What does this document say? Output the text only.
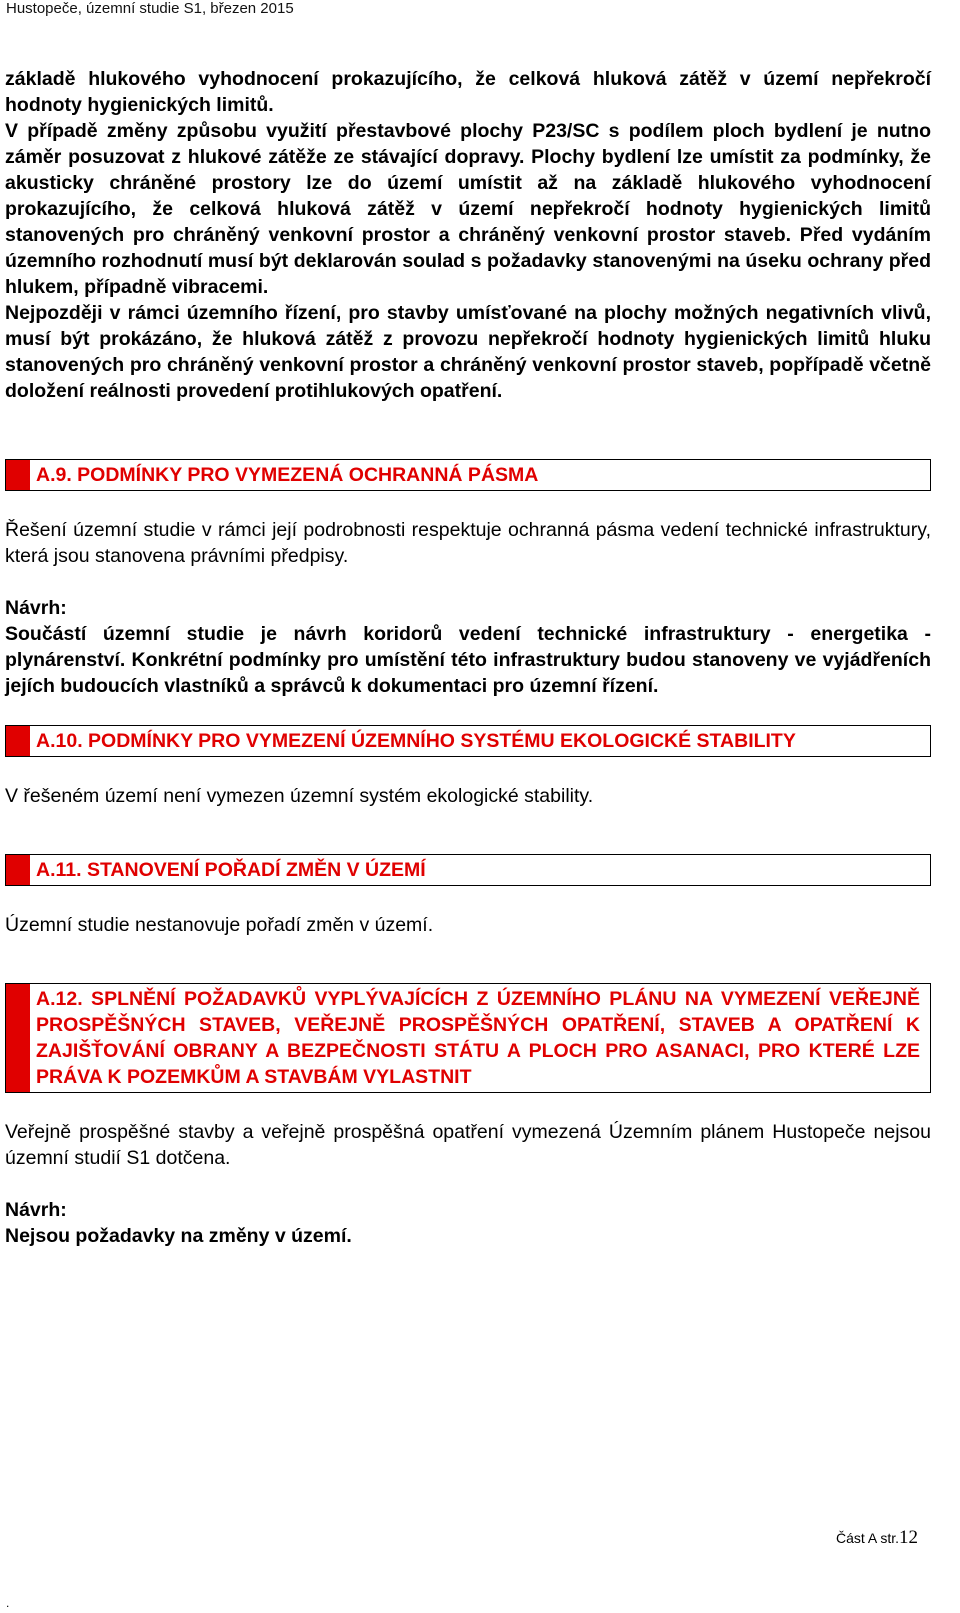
Hustopeče, územní studie S1, březen 2015

základě hlukového vyhodnocení prokazujícího, že celková hluková zátěž v území nepřekročí hodnoty hygienických limitů.

V případě změny způsobu využití přestavbové plochy P23/SC s podílem ploch bydlení je nutno záměr posuzovat z hlukové zátěže ze stávající dopravy. Plochy bydlení lze umístit za podmínky, že akusticky chráněné prostory lze do území umístit až na základě hlukového vyhodnocení prokazujícího, že celková hluková zátěž v území nepřekročí hodnoty hygienických limitů stanovených pro chráněný venkovní prostor a chráněný venkovní prostor staveb. Před vydáním územního rozhodnutí musí být deklarován soulad s požadavky stanovenými na úseku ochrany před hlukem, případně vibracemi.

Nejpozději v rámci územního řízení, pro stavby umísťované na plochy možných negativních vlivů, musí být prokázáno, že hluková zátěž z provozu nepřekročí hodnoty hygienických limitů hluku stanovených pro chráněný venkovní prostor a chráněný venkovní prostor staveb, popřípadě včetně doložení reálnosti provedení protihlukových opatření.

A.9. PODMÍNKY PRO VYMEZENÁ OCHRANNÁ PÁSMA

Řešení územní studie v rámci její podrobnosti respektuje ochranná pásma vedení technické infrastruktury, která jsou stanovena právními předpisy.

Návrh:

Součástí územní studie je návrh koridorů vedení technické infrastruktury - energetika - plynárenství. Konkrétní podmínky pro umístění této infrastruktury budou stanoveny ve vyjádřeních jejích budoucích vlastníků a správců k dokumentaci pro územní řízení.

A.10. PODMÍNKY PRO VYMEZENÍ ÚZEMNÍHO SYSTÉMU EKOLOGICKÉ STABILITY

V řešeném území není vymezen územní systém ekologické stability.

A.11. STANOVENÍ POŘADÍ ZMĚN V ÚZEMÍ

Územní studie nestanovuje pořadí změn v území.

A.12. SPLNĚNÍ POŽADAVKŮ VYPLÝVAJÍCÍCH Z ÚZEMNÍHO PLÁNU NA VYMEZENÍ VEŘEJNĚ PROSPĚŠNÝCH STAVEB, VEŘEJNĚ PROSPĚŠNÝCH OPATŘENÍ, STAVEB A OPATŘENÍ K ZAJIŠŤOVÁNÍ OBRANY A BEZPEČNOSTI STÁTU A PLOCH PRO ASANACI, PRO KTERÉ LZE PRÁVA K POZEMKŮM A STAVBÁM VYLASTNIT

Veřejně prospěšné stavby a veřejně prospěšná opatření vymezená Územním plánem Hustopeče nejsou územní studií S1 dotčena.

Návrh:

Nejsou požadavky na změny v území.

Část A str.12
.
